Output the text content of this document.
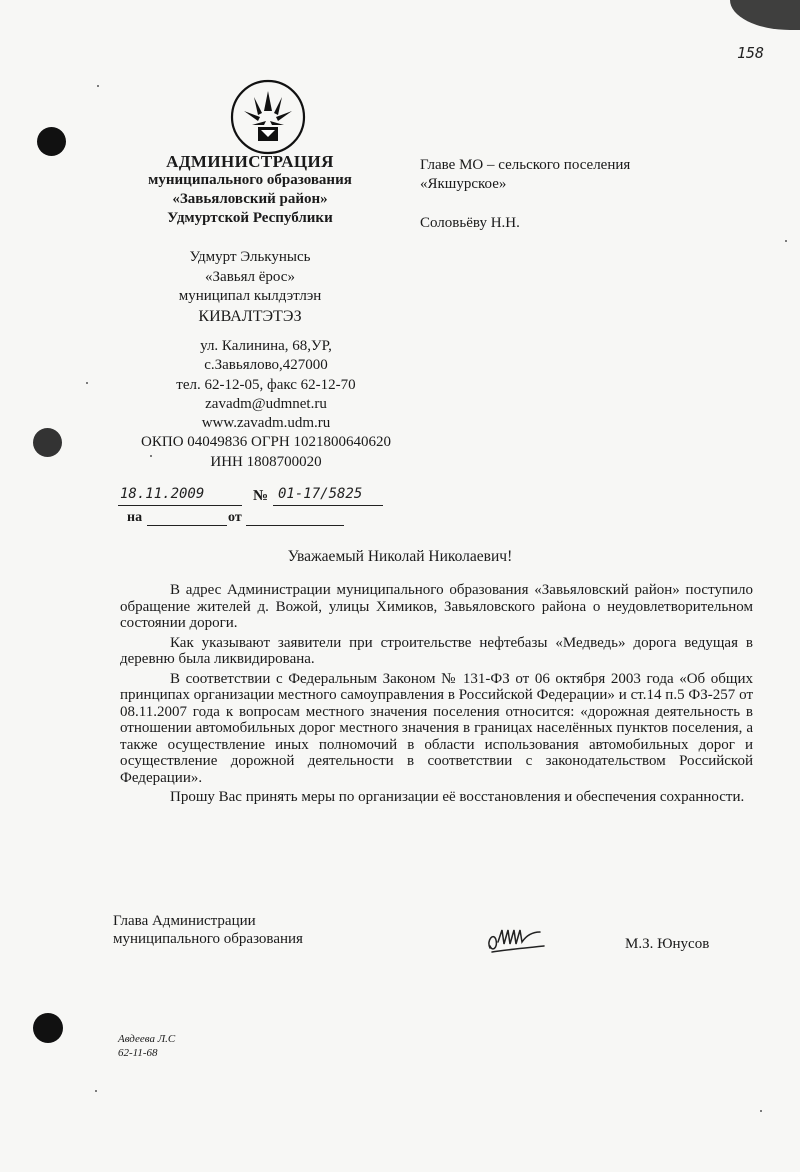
158
АДМИНИСТРАЦИЯ
муниципального образования
«Завьяловский район»
Удмуртской Республики
Удмурт Элькунысь
«Завьял ёрос»
муниципал кылдэтлэн
КИВАЛТЭТЭЗ
ул. Калинина, 68,УР,
с.Завьялово,427000
тел. 62-12-05, факс 62-12-70
zavadm@udmnet.ru
www.zavadm.udm.ru
ОКПО 04049836 ОГРН 1021800640620
ИНН 1808700020
18.11.2009	№ 01-17/5825
на	от
Главе МО – сельского поселения
«Якшурское»
Соловьёву Н.Н.
Уважаемый Николай Николаевич!

В адрес Администрации муниципального образования «Завьяловский район» поступило обращение жителей д. Вожой, улицы Химиков, Завьяловского района о неудовлетворительном состоянии дороги.

Как указывают заявители при строительстве нефтебазы «Медведь» дорога ведущая в деревню была ликвидирована.

В соответствии с Федеральным Законом № 131-ФЗ от 06 октября 2003 года «Об общих принципах организации местного самоуправления в Российской Федерации» и ст.14 п.5 ФЗ-257 от 08.11.2007 года к вопросам местного значения поселения относится: «дорожная деятельность в отношении автомобильных дорог местного значения в границах населённых пунктов поселения, а также осуществление иных полномочий в области использования автомобильных дорог и осуществление дорожной деятельности в соответствии с законодательством Российской Федерации».

Прошу Вас принять меры по организации её восстановления и обеспечения сохранности.

Глава Администрации
муниципального образования	М.З. Юнусов
Авдеева Л.С
62-11-68
